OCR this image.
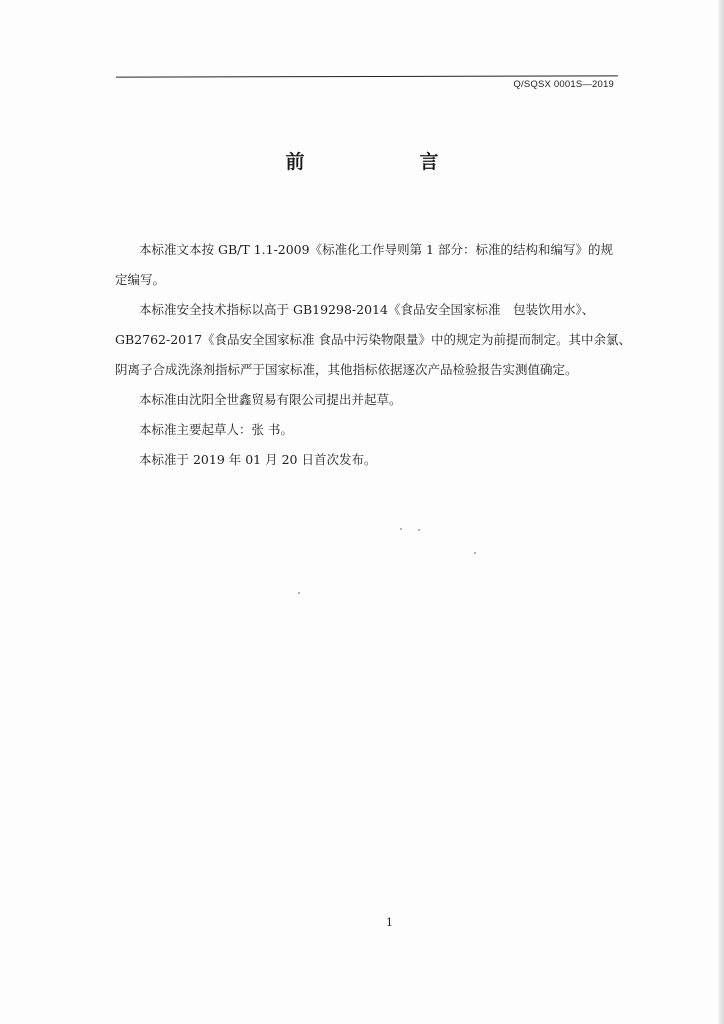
Q/SQSX 0001S—2019
前　言
本标准文本按 GB/T 1.1-2009《标准化工作导则第 1 部分：标准的结构和编写》的规
定编写。
本标准安全技术指标以高于 GB19298-2014《食品安全国家标准　包装饮用水》、
GB2762-2017《食品安全国家标准 食品中污染物限量》中的规定为前提而制定。其中余氯、
阴离子合成洗涤剂指标严于国家标准，其他指标依据逐次产品检验报告实测值确定。
本标准由沈阳全世鑫贸易有限公司提出并起草。
本标准主要起草人：张 书。
本标准于 2019 年 01 月 20 日首次发布。
1
